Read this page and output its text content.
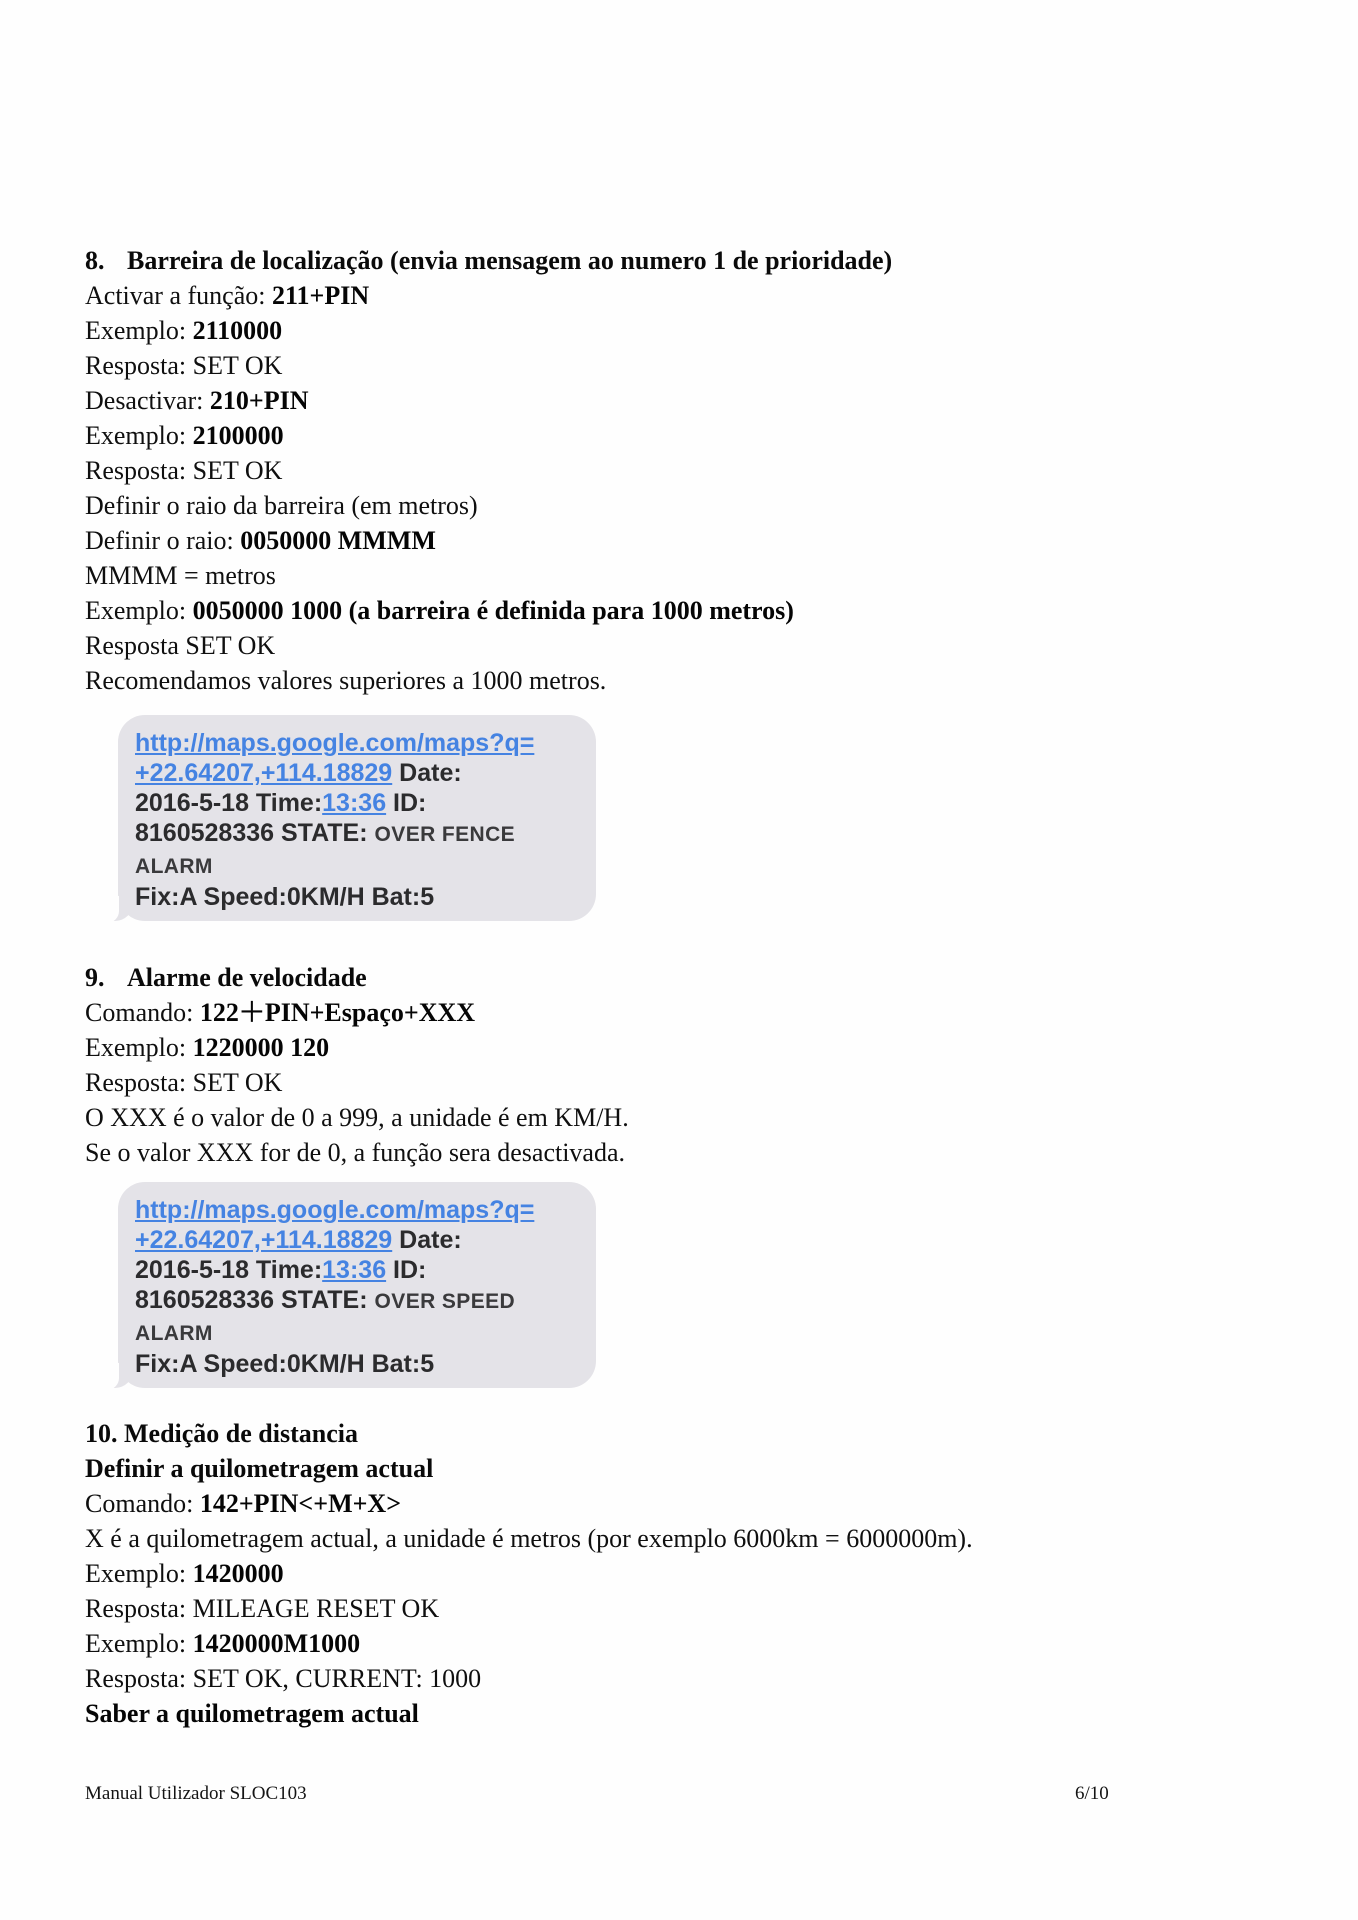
8. Barreira de localização (envia mensagem ao numero 1 de prioridade)

Activar a função: 211+PIN

Exemplo: 2110000

Resposta: SET OK

Desactivar: 210+PIN

Exemplo: 2100000

Resposta: SET OK

Definir o raio da barreira (em metros)

Definir o raio: 0050000 MMMM

MMMM = metros

Exemplo: 0050000 1000 (a barreira é definida para 1000 metros)

Resposta SET OK

Recomendamos valores superiores a 1000 metros.

http://maps.google.com/maps?q=

+22.64207,+114.18829 Date:

2016-5-18 Time:13:36 ID:

8160528336 STATE: OVER FENCE ALARM

Fix:A Speed:0KM/H Bat:5

9. Alarme de velocidade

Comando: 122＋PIN+Espaço+XXX

Exemplo: 1220000 120

Resposta: SET OK

O XXX é o valor de 0 a 999, a unidade é em KM/H.

Se o valor XXX for de 0, a função sera desactivada.

http://maps.google.com/maps?q=

+22.64207,+114.18829 Date:

2016-5-18 Time:13:36 ID:

8160528336 STATE: OVER SPEED ALARM

Fix:A Speed:0KM/H Bat:5

10. Medição de distancia

Definir a quilometragem actual

Comando: 142+PIN<+M+X>

X é a quilometragem actual, a unidade é metros (por exemplo 6000km = 6000000m).

Exemplo: 1420000

Resposta: MILEAGE RESET OK

Exemplo: 1420000M1000

Resposta: SET OK, CURRENT: 1000

Saber a quilometragem actual

Manual Utilizador SLOC103	6/10
